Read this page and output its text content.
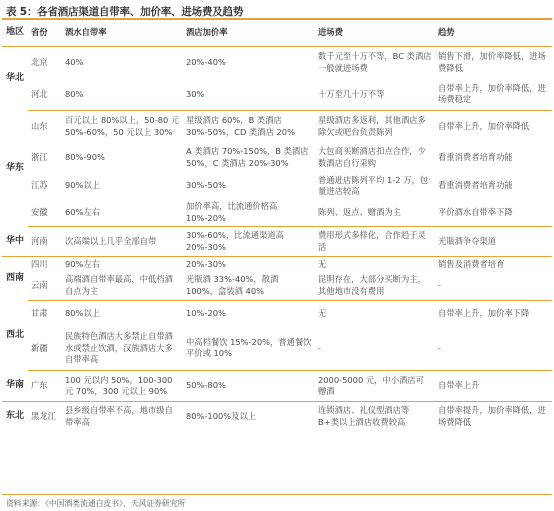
表 5：各省酒店渠道自带率、加价率、进场费及趋势
地区	省份	酒水自带率	酒店加价率	进场费	趋势
华北	北京	40%	20%-40%	数千元至十万不等，BC 类酒店一般就进场费	销售下滑，加价率降低，进场费降低
	河北	80%	30%	十万至几十万不等	自带率上升，加价率降低，进场费稳定
华东	山东	百元以上 80%以上，50-80 元 50%-60%，50 元以上 30%	星级酒店 60%，B 类酒店 30%-50%，CD 类酒店 20%	星级酒店多返利，其他酒店多除欠或吧台负责陈列	自带率上升，加价率降低
	浙江	80%-90%	A 类酒店 70%-150%，B 类酒店 50%，C 类酒店 20%-30%	大包商买断酒店扣点合作，少数酒店自行采购	看重消费者培育功能
	江苏	90%以上	30%-50%	普通进店陈列平均 1-2 万，包量进店较高	看重消费者培育功能
	安徽	60%左右	加价率高，比流通价格高 10%-20%	陈列、返点、赠酒为主	平价酒水自带率下降
华中	河南	次高端以上几乎全部自带	30%-60%，比流通渠道高 20%-30%	费用形式多样化，合作趋于灵活	光瓶酒争夺渠道
西南	四川	90%左右	20%-30%	无	销售及消费者培育
	云南	高端酒自带率最高，中低档酒自点为主	光瓶酒 33%-40%，散酒 100%，盒装酒 40%	昆明存在，大部分买断为主，其他地市没有费用	-
西北	甘肃	80%以上	10%-20%	无	自带率上升，加价率下降
	新疆	民族特色酒店大多禁止自带酒水或禁止饮酒，汉族酒店大多自带率高	中高档餐饮 15%-20%，普通餐饮平价或 10%	-	-
华南	广东	100 元以内 50%，100-300 元 70%，300 元以上 90%	50%-80%	2000-5000 元，中小酒店可赠酒	自带率上升
东北	黑龙江	县乡级自带率不高，地市级自带率高	80%-100%及以上	连锁酒店、礼仪型酒店等 B+类以上酒店收费较高	自带率提升，加价率降低，进场费降低
资料来源：《中国酒类流通白皮书》、天风证券研究所
